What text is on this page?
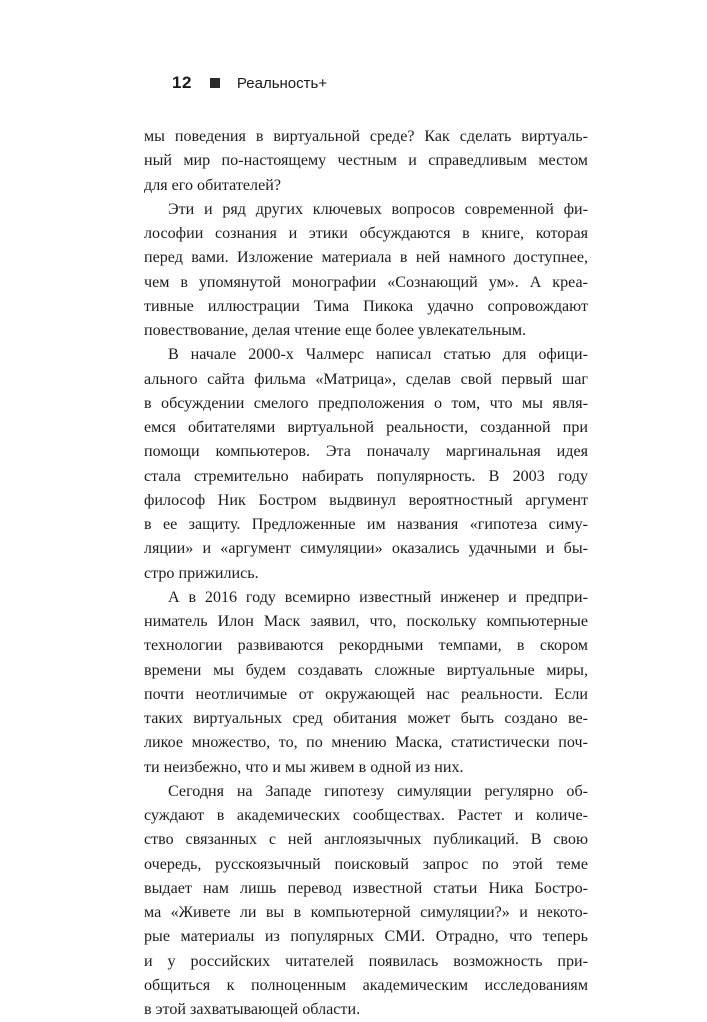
12	Реальность+
мы поведения в виртуальной среде? Как сделать виртуаль-
ный мир по-настоящему честным и справедливым местом
для его обитателей?
Эти и ряд других ключевых вопросов современной фи-
лософии сознания и этики обсуждаются в книге, которая
перед вами. Изложение материала в ней намного доступнее,
чем в упомянутой монографии «Сознающий ум». А креа-
тивные иллюстрации Тима Пикока удачно сопровождают
повествование, делая чтение еще более увлекательным.
В начале 2000-х Чалмерс написал статью для офици-
ального сайта фильма «Матрица», сделав свой первый шаг
в обсуждении смелого предположения о том, что мы явля-
емся обитателями виртуальной реальности, созданной при
помощи компьютеров. Эта поначалу маргинальная идея
стала стремительно набирать популярность. В 2003 году
философ Ник Бостром выдвинул вероятностный аргумент
в ее защиту. Предложенные им названия «гипотеза симу-
ляции» и «аргумент симуляции» оказались удачными и бы-
стро прижились.
А в 2016 году всемирно известный инженер и предпри-
ниматель Илон Маск заявил, что, поскольку компьютерные
технологии развиваются рекордными темпами, в скором
времени мы будем создавать сложные виртуальные миры,
почти неотличимые от окружающей нас реальности. Если
таких виртуальных сред обитания может быть создано ве-
ликое множество, то, по мнению Маска, статистически поч-
ти неизбежно, что и мы живем в одной из них.
Сегодня на Западе гипотезу симуляции регулярно об-
суждают в академических сообществах. Растет и количе-
ство связанных с ней англоязычных публикаций. В свою
очередь, русскоязычный поисковый запрос по этой теме
выдает нам лишь перевод известной статьи Ника Бостро-
ма «Живете ли вы в компьютерной симуляции?» и некото-
рые материалы из популярных СМИ. Отрадно, что теперь
и у российских читателей появилась возможность при-
общиться к полноценным академическим исследованиям
в этой захватывающей области.
